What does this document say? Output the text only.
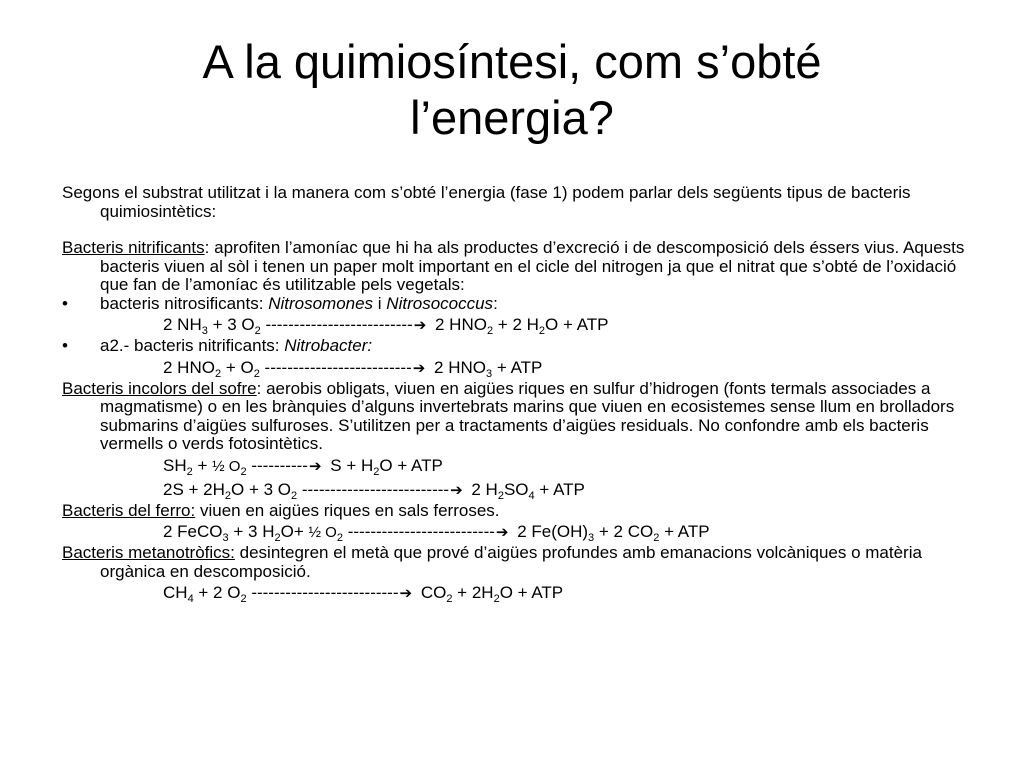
A la quimiosíntesi, com s’obté
l’energia?

Segons el substrat utilitzat i la manera com s’obté l’energia (fase 1) podem parlar dels següents tipus de bacteris quimiosintètics:

Bacteris nitrificants: aprofiten l’amoníac que hi ha als productes d’excreció i de descomposició dels éssers vius. Aquests bacteris viuen al sòl i tenen un paper molt important en el cicle del nitrogen ja que el nitrat que s’obté de l’oxidació que fan de l’amoníac és utilitzable pels vegetals:

•	bacteris nitrosificants: Nitrosomones i Nitrosococcus:

2 $NH_3 + 3$ $O_2$ --------------------------➔ 2 $HNO_2 + 2$ $H_2O$ + ATP

•	a2.- bacteris nitrificants: Nitrobacter:

2 $HNO_2 + O_2$ --------------------------➔ 2 $HNO_3$ + ATP

Bacteris incolors del sofre: aerobis obligats, viuen en aigües riques en sulfur d’hidrogen (fonts termals associades a magmatisme) o en les brànquies d’alguns invertebrats marins que viuen en ecosistemes sense llum en brolladors submarins d’aigües sulfuroses. S’utilitzen per a tractaments d’aigües residuals. No confondre amb els bacteris vermells o verds fotosintètics.

$SH_2$ + ½ $O_2$ ----------➔ $S + H_2O$ + ATP

$2S + 2H_2O + 3$ $O_2$ --------------------------➔ 2 $H_2SO_4$ + ATP

Bacteris del ferro: viuen en aigües riques en sals ferroses.

2 FeCO$_3$ + 3 $H_2O+$ ½ $O_2$ --------------------------➔ 2 $Fe(OH)_3 + 2$ $CO_2$ + ATP

Bacteris metanotròfics: desintegren el metà que prové d’aigües profundes amb emanacions volcàniques o matèria orgànica en descomposició.

$CH_4 + 2$ $O_2$ --------------------------➔ $CO_2 + 2H_2O$ + ATP
